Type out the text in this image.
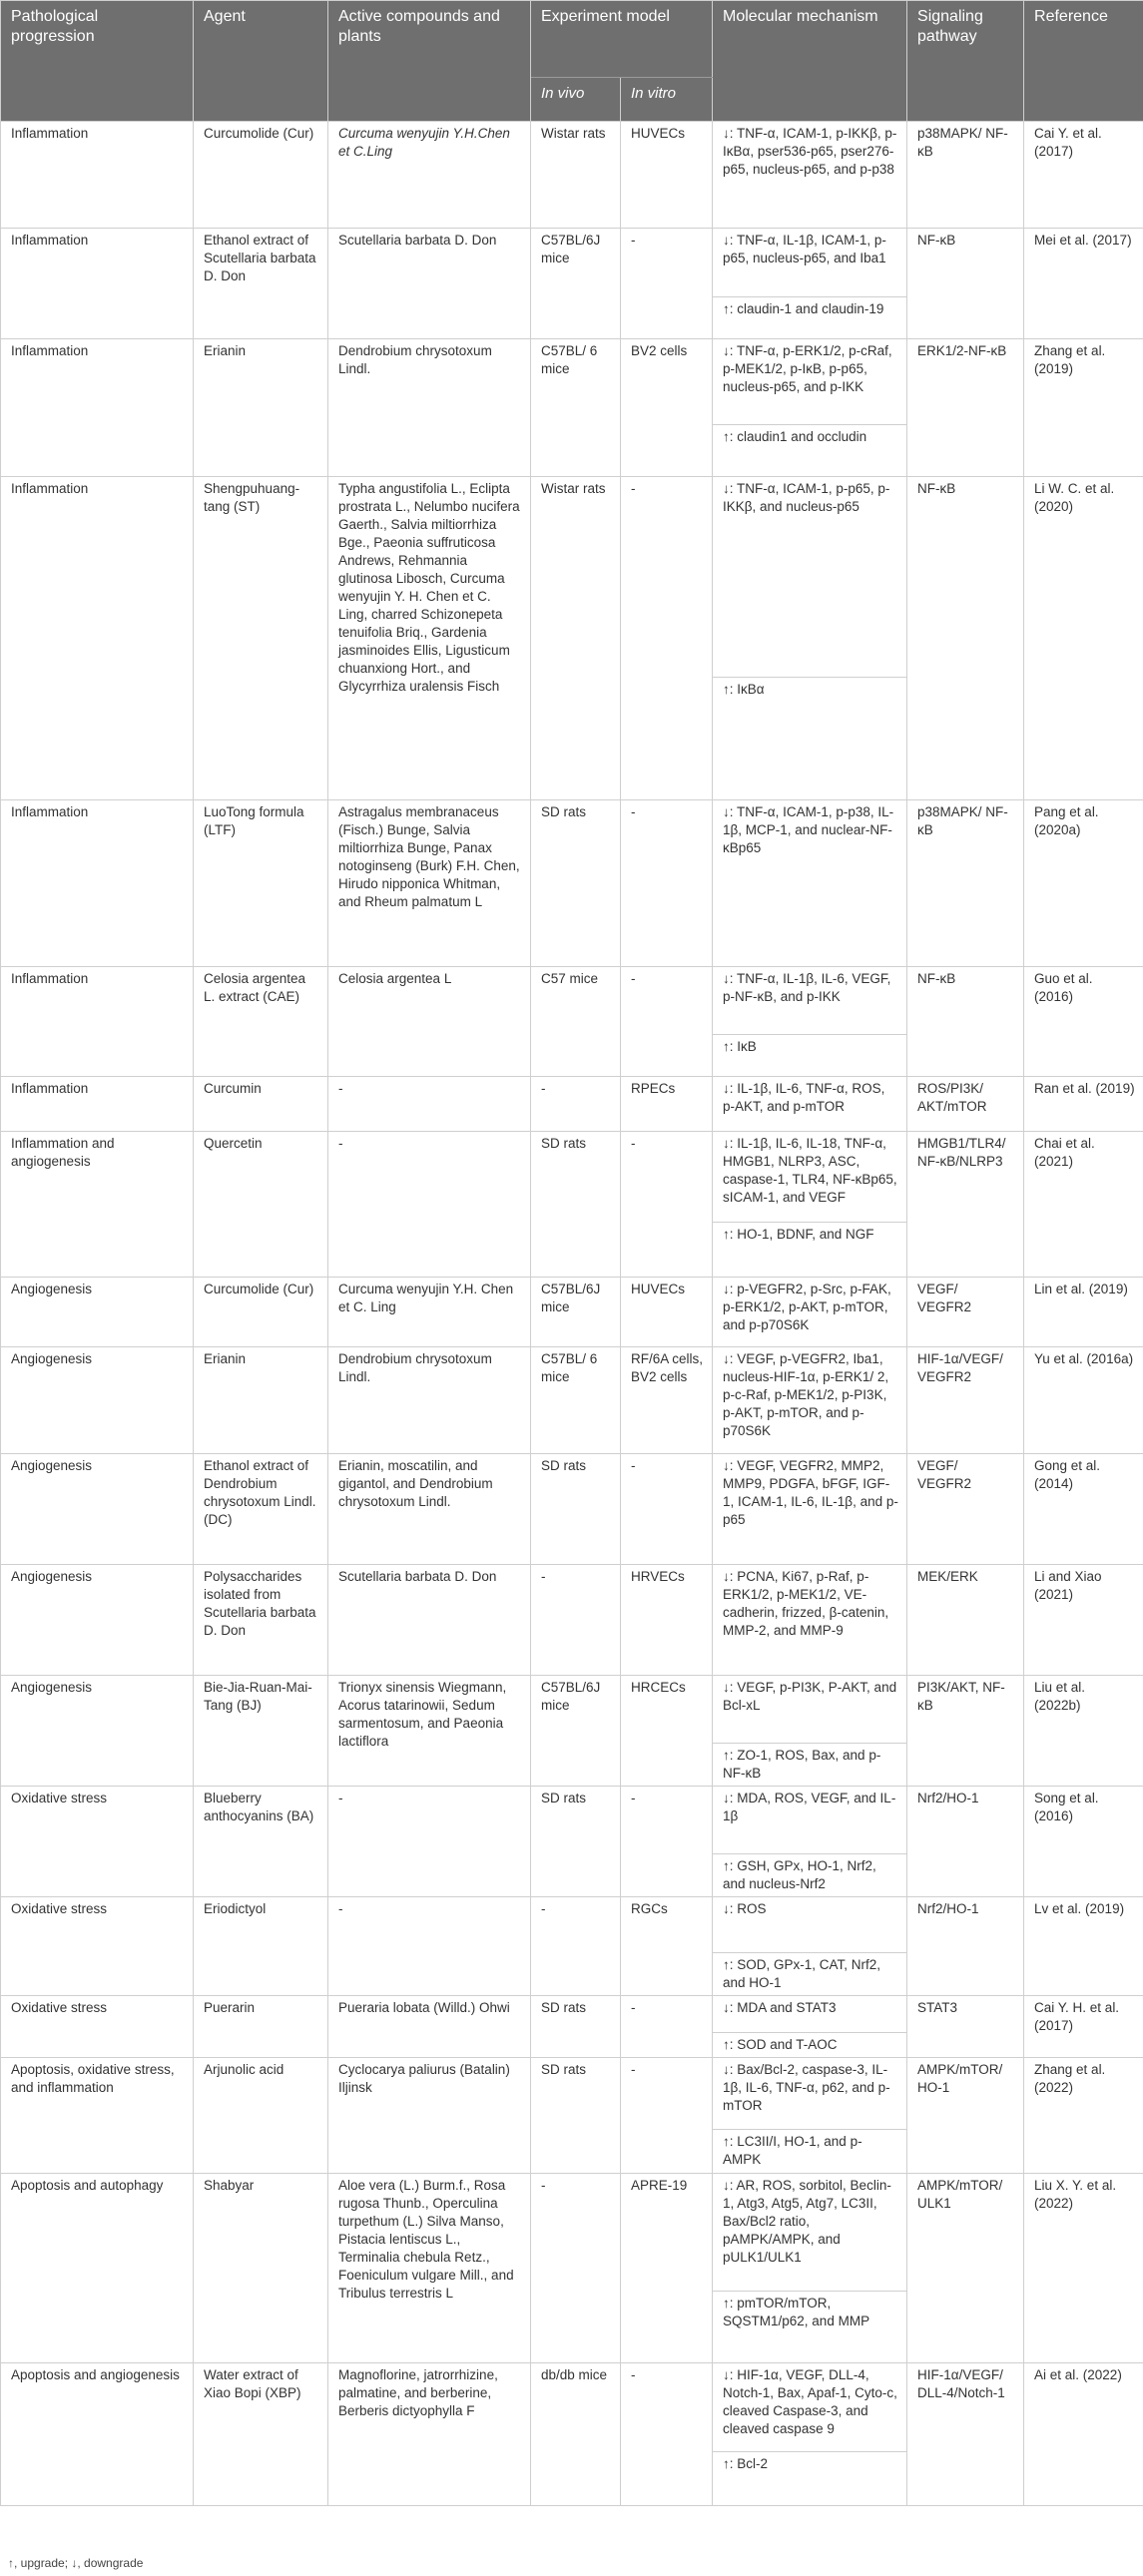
Pathological progression	Agent	Active compounds and plants	Experiment model		Molecular mechanism	Signaling pathway	Reference
			In vivo	In vitro			
Inflammation	Curcumolide (Cur)	Curcuma wenyujin Y.H.Chen et C.Ling	Wistar rats	HUVECs	↓: TNF-α, ICAM-1, p-IKKβ, p-IκBα, pser536-p65, pser276-p65, nucleus-p65, and p-p38	p38MAPK/ NF-κB	Cai Y. et al. (2017)
Inflammation	Ethanol extract of Scutellaria barbata D. Don	Scutellaria barbata D. Don	C57BL/6J mice	-	↓: TNF-α, IL-1β, ICAM-1, p-p65, nucleus-p65, and Iba1	NF-κB	Mei et al. (2017)
					↑: claudin-1 and claudin-19		
Inflammation	Erianin	Dendrobium chrysotoxum Lindl.	C57BL/ 6 mice	BV2 cells	↓: TNF-α, p-ERK1/2, p-cRaf, p-MEK1/2, p-IκB, p-p65, nucleus-p65, and p-IKK	ERK1/2-NF-κB	Zhang et al. (2019)
					↑: claudin1 and occludin		
Inflammation	Shengpuhuang-tang (ST)	Typha angustifolia L., Eclipta prostrata L., Nelumbo nucifera Gaerth., Salvia miltiorrhiza Bge., Paeonia suffruticosa Andrews, Rehmannia glutinosa Libosch, Curcuma wenyujin Y. H. Chen et C. Ling, charred Schizonepeta tenuifolia Briq., Gardenia jasminoides Ellis, Ligusticum chuanxiong Hort., and Glycyrrhiza uralensis Fisch	Wistar rats	-	↓: TNF-α, ICAM-1, p-p65, p-IKKβ, and nucleus-p65	NF-κB	Li W. C. et al. (2020)
					↑: IκBα		
Inflammation	LuoTong formula (LTF)	Astragalus membranaceus (Fisch.) Bunge, Salvia miltiorrhiza Bunge, Panax notoginseng (Burk) F.H. Chen, Hirudo nipponica Whitman, and Rheum palmatum L	SD rats	-	↓: TNF-α, ICAM-1, p-p38, IL-1β, MCP-1, and nuclear-NF-κBp65	p38MAPK/ NF-κB	Pang et al. (2020a)
Inflammation	Celosia argentea L. extract (CAE)	Celosia argentea L	C57 mice	-	↓: TNF-α, IL-1β, IL-6, VEGF, p-NF-κB, and p-IKK	NF-κB	Guo et al. (2016)
					↑: IκB		
Inflammation	Curcumin	-	-	RPECs	↓: IL-1β, IL-6, TNF-α, ROS, p-AKT, and p-mTOR	ROS/PI3K/ AKT/mTOR	Ran et al. (2019)
Inflammation and angiogenesis	Quercetin	-	SD rats	-	↓: IL-1β, IL-6, IL-18, TNF-α, HMGB1, NLRP3, ASC, caspase-1, TLR4, NF-κBp65, sICAM-1, and VEGF	HMGB1/TLR4/ NF-κB/NLRP3	Chai et al. (2021)
					↑: HO-1, BDNF, and NGF		
Angiogenesis	Curcumolide (Cur)	Curcuma wenyujin Y.H. Chen et C. Ling	C57BL/6J mice	HUVECs	↓: p-VEGFR2, p-Src, p-FAK, p-ERK1/2, p-AKT, p-mTOR, and p-p70S6K	VEGF/ VEGFR2	Lin et al. (2019)
Angiogenesis	Erianin	Dendrobium chrysotoxum Lindl.	C57BL/ 6 mice	RF/6A cells, BV2 cells	↓: VEGF, p-VEGFR2, Iba1, nucleus-HIF-1α, p-ERK1/ 2, p-c-Raf, p-MEK1/2, p-PI3K, p-AKT, p-mTOR, and p-p70S6K	HIF-1α/VEGF/ VEGFR2	Yu et al. (2016a)
Angiogenesis	Ethanol extract of Dendrobium chrysotoxum Lindl. (DC)	Erianin, moscatilin, and gigantol, and Dendrobium chrysotoxum Lindl.	SD rats	-	↓: VEGF, VEGFR2, MMP2, MMP9, PDGFA, bFGF, IGF-1, ICAM-1, IL-6, IL-1β, and p-p65	VEGF/ VEGFR2	Gong et al. (2014)
Angiogenesis	Polysaccharides isolated from Scutellaria barbata D. Don	Scutellaria barbata D. Don	-	HRVECs	↓: PCNA, Ki67, p-Raf, p-ERK1/2, p-MEK1/2, VE-cadherin, frizzed, β-catenin, MMP-2, and MMP-9	MEK/ERK	Li and Xiao (2021)
Angiogenesis	Bie-Jia-Ruan-Mai-Tang (BJ)	Trionyx sinensis Wiegmann, Acorus tatarinowii, Sedum sarmentosum, and Paeonia lactiflora	C57BL/6J mice	HRCECs	↓: VEGF, p-PI3K, P-AKT, and Bcl-xL	PI3K/AKT, NF-κB	Liu et al. (2022b)
					↑: ZO-1, ROS, Bax, and p-NF-κB		
Oxidative stress	Blueberry anthocyanins (BA)	-	SD rats	-	↓: MDA, ROS, VEGF, and IL-1β	Nrf2/HO-1	Song et al. (2016)
					↑: GSH, GPx, HO-1, Nrf2, and nucleus-Nrf2		
Oxidative stress	Eriodictyol	-	-	RGCs	↓: ROS	Nrf2/HO-1	Lv et al. (2019)
					↑: SOD, GPx-1, CAT, Nrf2, and HO-1		
Oxidative stress	Puerarin	Pueraria lobata (Willd.) Ohwi	SD rats	-	↓: MDA and STAT3	STAT3	Cai Y. H. et al. (2017)
					↑: SOD and T-AOC		
Apoptosis, oxidative stress, and inflammation	Arjunolic acid	Cyclocarya paliurus (Batalin) Iljinsk	SD rats	-	↓: Bax/Bcl-2, caspase-3, IL-1β, IL-6, TNF-α, p62, and p-mTOR	AMPK/mTOR/ HO-1	Zhang et al. (2022)
					↑: LC3II/I, HO-1, and p-AMPK		
Apoptosis and autophagy	Shabyar	Aloe vera (L.) Burm.f., Rosa rugosa Thunb., Operculina turpethum (L.) Silva Manso, Pistacia lentiscus L., Terminalia chebula Retz., Foeniculum vulgare Mill., and Tribulus terrestris L	-	APRE-19	↓: AR, ROS, sorbitol, Beclin-1, Atg3, Atg5, Atg7, LC3II, Bax/Bcl2 ratio, pAMPK/AMPK, and pULK1/ULK1	AMPK/mTOR/ ULK1	Liu X. Y. et al. (2022)
					↑: pmTOR/mTOR, SQSTM1/p62, and MMP		
Apoptosis and angiogenesis	Water extract of Xiao Bopi (XBP)	Magnoflorine, jatrorrhizine, palmatine, and berberine, Berberis dictyophylla F	db/db mice	-	↓: HIF-1α, VEGF, DLL-4, Notch-1, Bax, Apaf-1, Cyto-c, cleaved Caspase-3, and cleaved caspase 9	HIF-1α/VEGF/ DLL-4/Notch-1	Ai et al. (2022)
					↑: Bcl-2		
↑, upgrade; ↓, downgrade
